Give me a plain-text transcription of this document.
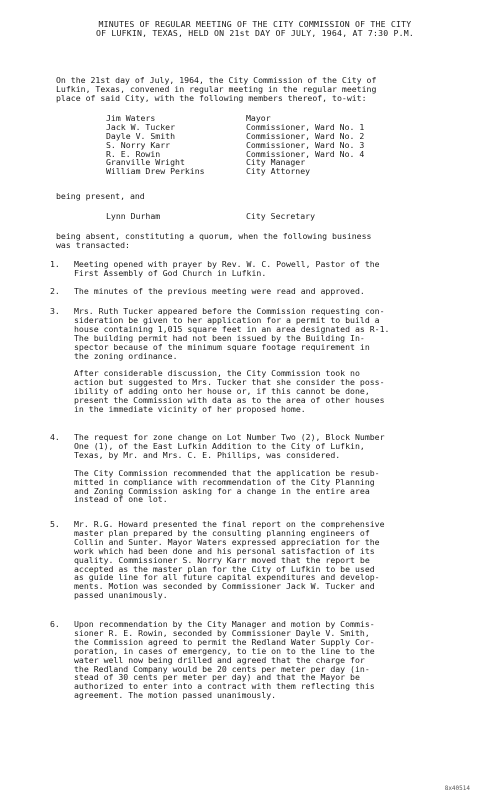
MINUTES OF REGULAR MEETING OF THE CITY COMMISSION OF THE CITY
OF LUFKIN, TEXAS, HELD ON 21st DAY OF JULY, 1964, AT 7:30 P.M.
On the 21st day of July, 1964, the City Commission of the City of
Lufkin, Texas, convened in regular meeting in the regular meeting
place of said City, with the following members thereof, to-wit:
Jim Waters	Mayor
Jack W. Tucker	Commissioner, Ward No. 1
Dayle V. Smith	Commissioner, Ward No. 2
S. Norry Karr	Commissioner, Ward No. 3
R. E. Rowin	Commissioner, Ward No. 4
Granville Wright	City Manager
William Drew Perkins	City Attorney
being present, and
Lynn Durham	City Secretary
being absent, constituting a quorum, when the following business
was transacted:
1.	Meeting opened with prayer by Rev. W. C. Powell, Pastor of the
First Assembly of God Church in Lufkin.
2.	The minutes of the previous meeting were read and approved.
3.	Mrs. Ruth Tucker appeared before the Commission requesting con-
sideration be given to her application for a permit to build a
house containing 1,015 square feet in an area designated as R-1.
The building permit had not been issued by the Building In-
spector because of the minimum square footage requirement in
the zoning ordinance.
After considerable discussion, the City Commission took no
action but suggested to Mrs. Tucker that she consider the poss-
ibility of adding onto her house or, if this cannot be done,
present the Commission with data as to the area of other houses
in the immediate vicinity of her proposed home.
4.	The request for zone change on Lot Number Two (2), Block Number
One (1), of the East Lufkin Addition to the City of Lufkin,
Texas, by Mr. and Mrs. C. E. Phillips, was considered.
The City Commission recommended that the application be resub-
mitted in compliance with recommendation of the City Planning
and Zoning Commission asking for a change in the entire area
instead of one lot.
5.	Mr. R.G. Howard presented the final report on the comprehensive
master plan prepared by the consulting planning engineers of
Collin and Sunter. Mayor Waters expressed appreciation for the
work which had been done and his personal satisfaction of its
quality. Commissioner S. Norry Karr moved that the report be
accepted as the master plan for the City of Lufkin to be used
as guide line for all future capital expenditures and develop-
ments. Motion was seconded by Commissioner Jack W. Tucker and
passed unanimously.
6.	Upon recommendation by the City Manager and motion by Commis-
sioner R. E. Rowin, seconded by Commissioner Dayle V. Smith,
the Commission agreed to permit the Redland Water Supply Cor-
poration, in cases of emergency, to tie on to the line to the
water well now being drilled and agreed that the charge for
the Redland Company would be 20 cents per meter per day (in-
stead of 30 cents per meter per day) and that the Mayor be
authorized to enter into a contract with them reflecting this
agreement. The motion passed unanimously.
8x40514
